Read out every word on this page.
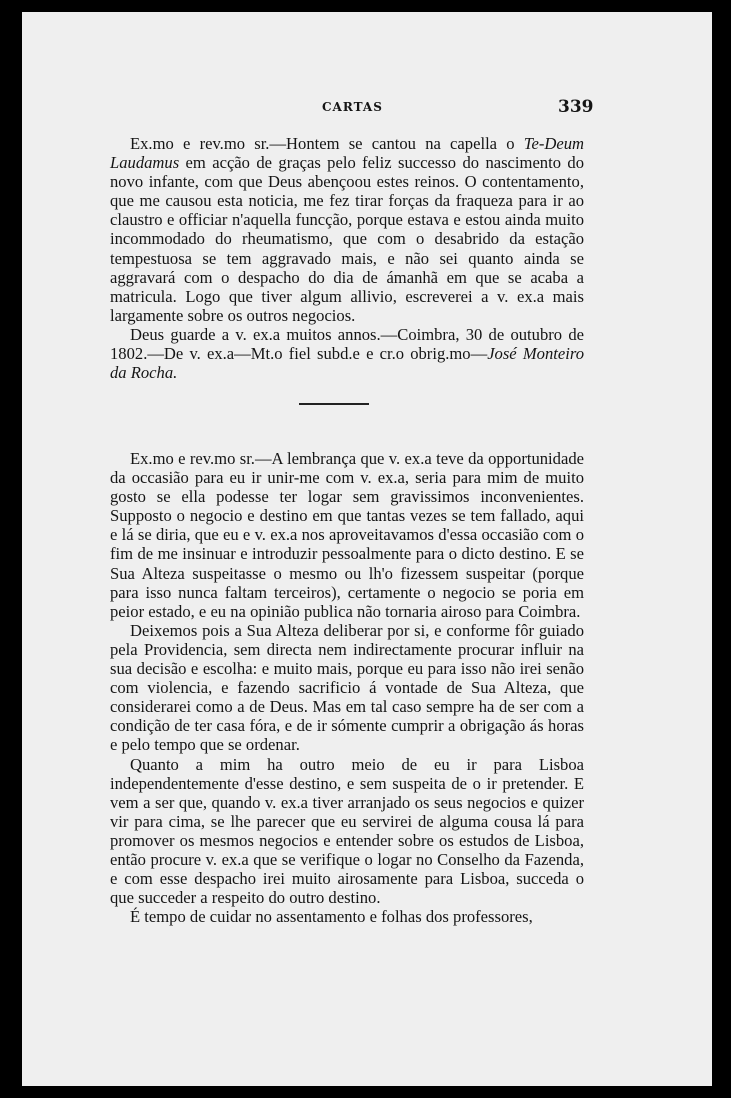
CARTAS	339

Ex.mo e rev.mo sr.—Hontem se cantou na capella o Te-Deum Laudamus em acção de graças pelo feliz successo do nascimento do novo infante, com que Deus abençoou estes reinos. O contentamento, que me causou esta noticia, me fez tirar forças da fraqueza para ir ao claustro e officiar n'aquella funcção, porque estava e estou ainda muito incommodado do rheumatismo, que com o desabrido da estação tempestuosa se tem aggravado mais, e não sei quanto ainda se aggravará com o despacho do dia de ámanhã em que se acaba a matricula. Logo que tiver algum allivio, escreverei a v. ex.a mais largamente sobre os outros negocios.

Deus guarde a v. ex.a muitos annos.—Coimbra, 30 de outubro de 1802.—De v. ex.a—Mt.o fiel subd.e e cr.o obrig.mo—José Monteiro da Rocha.

Ex.mo e rev.mo sr.—A lembrança que v. ex.a teve da opportunidade da occasião para eu ir unir-me com v. ex.a, seria para mim de muito gosto se ella podesse ter logar sem gravissimos inconvenientes. Supposto o negocio e destino em que tantas vezes se tem fallado, aqui e lá se diria, que eu e v. ex.a nos aproveitavamos d'essa occasião com o fim de me insinuar e introduzir pessoalmente para o dicto destino. E se Sua Alteza suspeitasse o mesmo ou lh'o fizessem suspeitar (porque para isso nunca faltam terceiros), certamente o negocio se poria em peior estado, e eu na opinião publica não tornaria airoso para Coimbra.

Deixemos pois a Sua Alteza deliberar por si, e conforme fôr guiado pela Providencia, sem directa nem indirectamente procurar influir na sua decisão e escolha: e muito mais, porque eu para isso não irei senão com violencia, e fazendo sacrificio á vontade de Sua Alteza, que considerarei como a de Deus. Mas em tal caso sempre ha de ser com a condição de ter casa fóra, e de ir sómente cumprir a obrigação ás horas e pelo tempo que se ordenar.

Quanto a mim ha outro meio de eu ir para Lisboa independentemente d'esse destino, e sem suspeita de o ir pretender. E vem a ser que, quando v. ex.a tiver arranjado os seus negocios e quizer vir para cima, se lhe parecer que eu servirei de alguma cousa lá para promover os mesmos negocios e entender sobre os estudos de Lisboa, então procure v. ex.a que se verifique o logar no Conselho da Fazenda, e com esse despacho irei muito airosamente para Lisboa, succeda o que succeder a respeito do outro destino.

É tempo de cuidar no assentamento e folhas dos professores,
